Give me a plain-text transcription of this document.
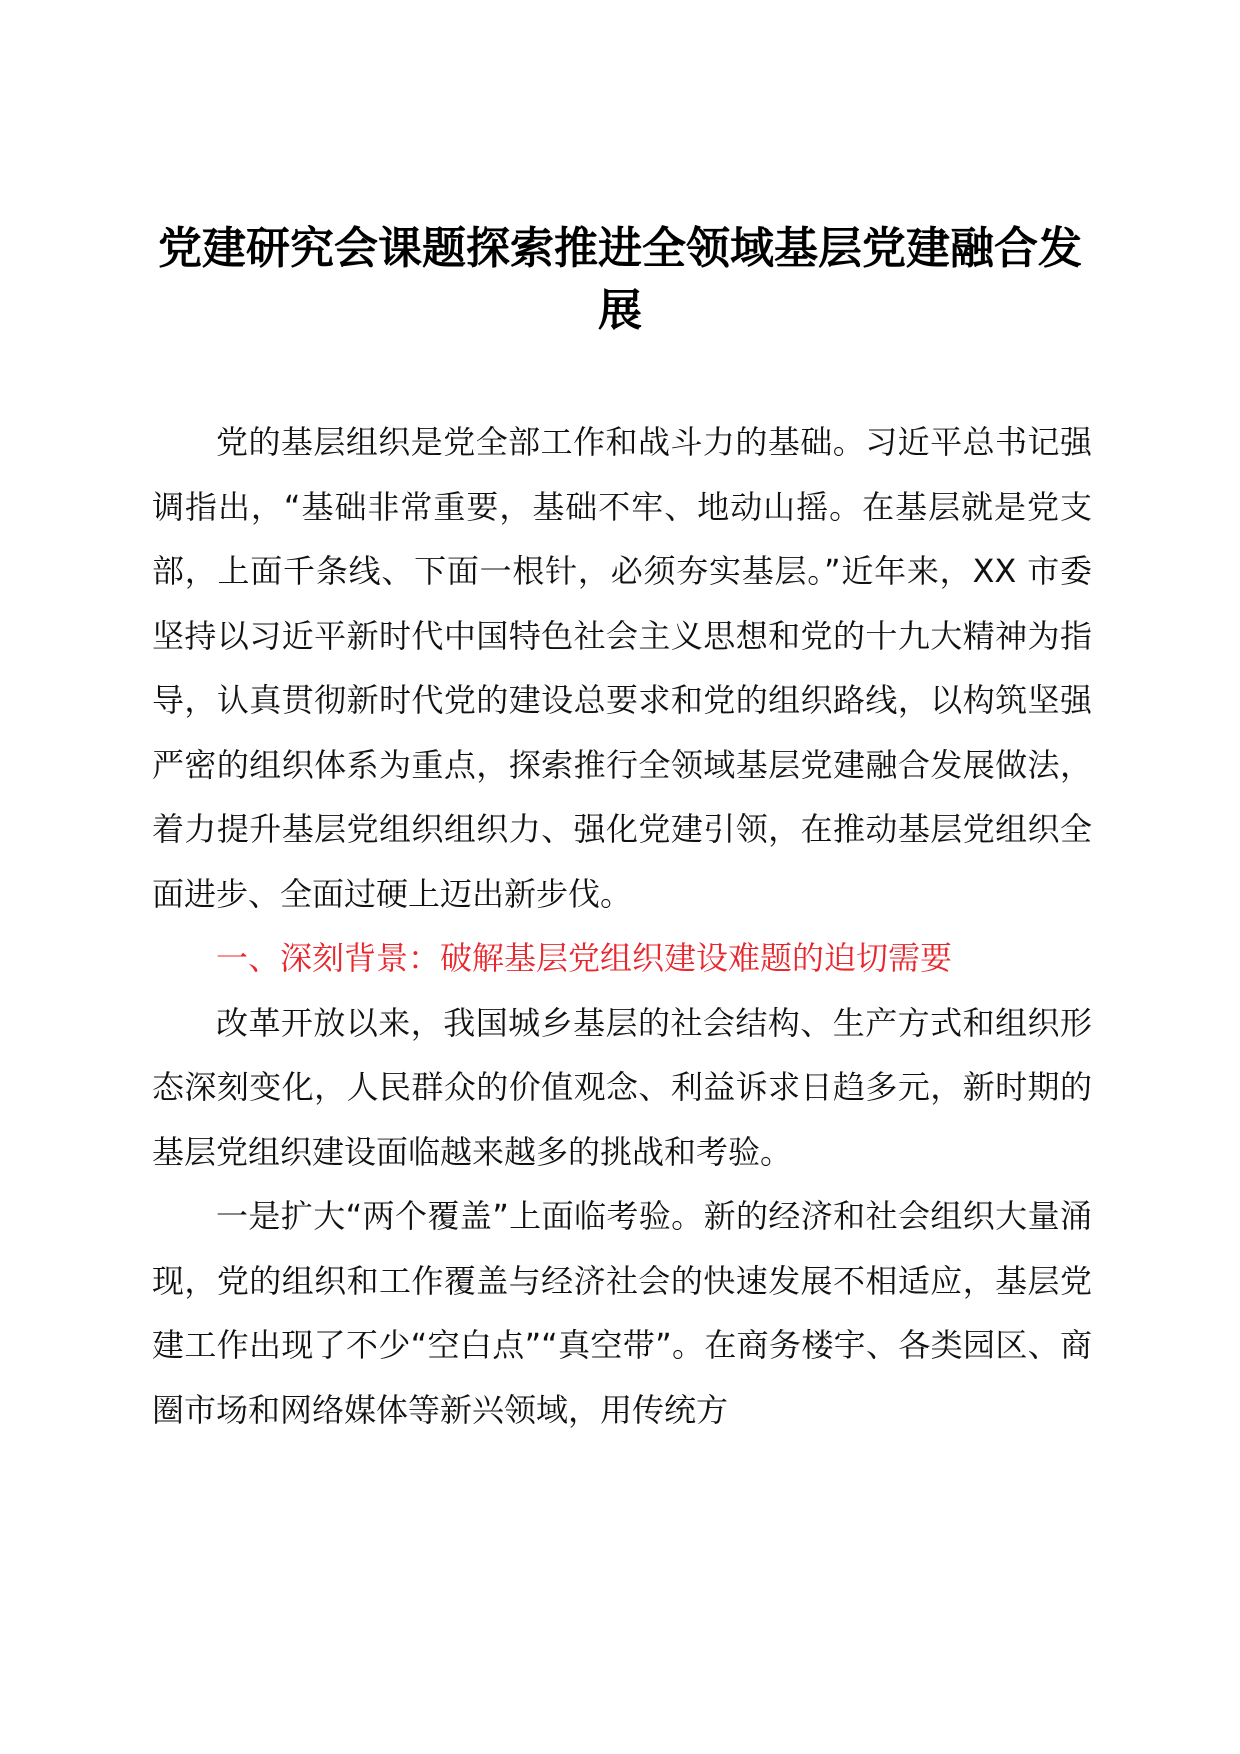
党建研究会课题探索推进全领域基层党建融合发展

党的基层组织是党全部工作和战斗力的基础。习近平总书记强调指出，“基础非常重要，基础不牢、地动山摇。在基层就是党支部，上面千条线、下面一根针，必须夯实基层。”近年来，XX 市委坚持以习近平新时代中国特色社会主义思想和党的十九大精神为指导，认真贯彻新时代党的建设总要求和党的组织路线，以构筑坚强严密的组织体系为重点，探索推行全领域基层党建融合发展做法，着力提升基层党组织组织力、强化党建引领，在推动基层党组织全面进步、全面过硬上迈出新步伐。

一、深刻背景：破解基层党组织建设难题的迫切需要

改革开放以来，我国城乡基层的社会结构、生产方式和组织形态深刻变化，人民群众的价值观念、利益诉求日趋多元，新时期的基层党组织建设面临越来越多的挑战和考验。

一是扩大“两个覆盖”上面临考验。新的经济和社会组织大量涌现，党的组织和工作覆盖与经济社会的快速发展不相适应，基层党建工作出现了不少“空白点”“真空带”。在商务楼宇、各类园区、商圈市场和网络媒体等新兴领域，用传统方
